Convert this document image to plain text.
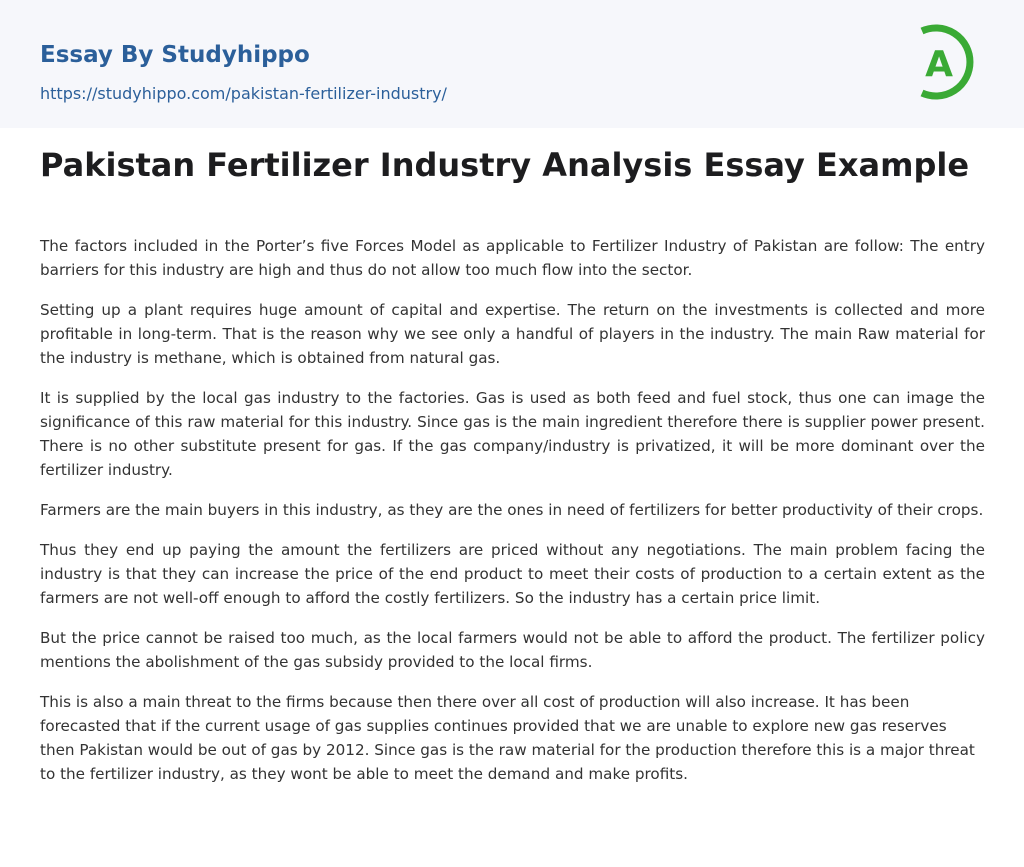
Essay By Studyhippo
https://studyhippo.com/pakistan-fertilizer-industry/
A
Pakistan Fertilizer Industry Analysis Essay Example

The factors included in the Porter’s five Forces Model as applicable to Fertilizer Industry of Pakistan are follow: The entry barriers for this industry are high and thus do not allow too much flow into the sector.

Setting up a plant requires huge amount of capital and expertise. The return on the investments is collected and more profitable in long-term. That is the reason why we see only a handful of players in the industry. The main Raw material for the industry is methane, which is obtained from natural gas.

It is supplied by the local gas industry to the factories. Gas is used as both feed and fuel stock, thus one can image the significance of this raw material for this industry. Since gas is the main ingredient therefore there is supplier power present. There is no other substitute present for gas. If the gas company/industry is privatized, it will be more dominant over the fertilizer industry.

Farmers are the main buyers in this industry, as they are the ones in need of fertilizers for better productivity of their crops.

Thus they end up paying the amount the fertilizers are priced without any negotiations. The main problem facing the industry is that they can increase the price of the end product to meet their costs of production to a certain extent as the farmers are not well-off enough to afford the costly fertilizers. So the industry has a certain price limit.

But the price cannot be raised too much, as the local farmers would not be able to afford the product. The fertilizer policy mentions the abolishment of the gas subsidy provided to the local firms.

This is also a main threat to the firms because then there over all cost of production will also increase. It has been forecasted that if the current usage of gas supplies continues provided that we are unable to explore new gas reserves then Pakistan would be out of gas by 2012. Since gas is the raw material for the production therefore this is a major threat to the fertilizer industry, as they wont be able to meet the demand and make profits.
